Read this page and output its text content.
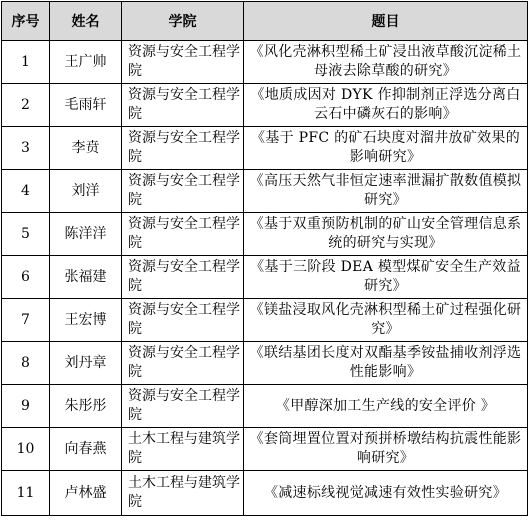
序号	姓名	学院	题目
1	王广帅	资源与安全工程学院	《风化壳淋积型稀土矿浸出液草酸沉淀稀土母液去除草酸的研究》
2	毛雨轩	资源与安全工程学院	《地质成因对 DYK 作抑制剂正浮选分离白云石中磷灰石的影响》
3	李贲	资源与安全工程学院	《基于 PFC 的矿石块度对溜井放矿效果的影响研究》
4	刘洋	资源与安全工程学院	《高压天然气非恒定速率泄漏扩散数值模拟研究》
5	陈洋洋	资源与安全工程学院	《基于双重预防机制的矿山安全管理信息系统的研究与实现》
6	张福建	资源与安全工程学院	《基于三阶段 DEA 模型煤矿安全生产效益研究》
7	王宏博	资源与安全工程学院	《镁盐浸取风化壳淋积型稀土矿过程强化研究》
8	刘丹章	资源与安全工程学院	《联结基团长度对双酯基季铵盐捕收剂浮选性能影响》
9	朱彤彤	资源与安全工程学院	《甲醇深加工生产线的安全评价 》
10	向春燕	土木工程与建筑学院	《套筒埋置位置对预拼桥墩结构抗震性能影响研究》
11	卢林盛	土木工程与建筑学院	《减速标线视觉减速有效性实验研究》
